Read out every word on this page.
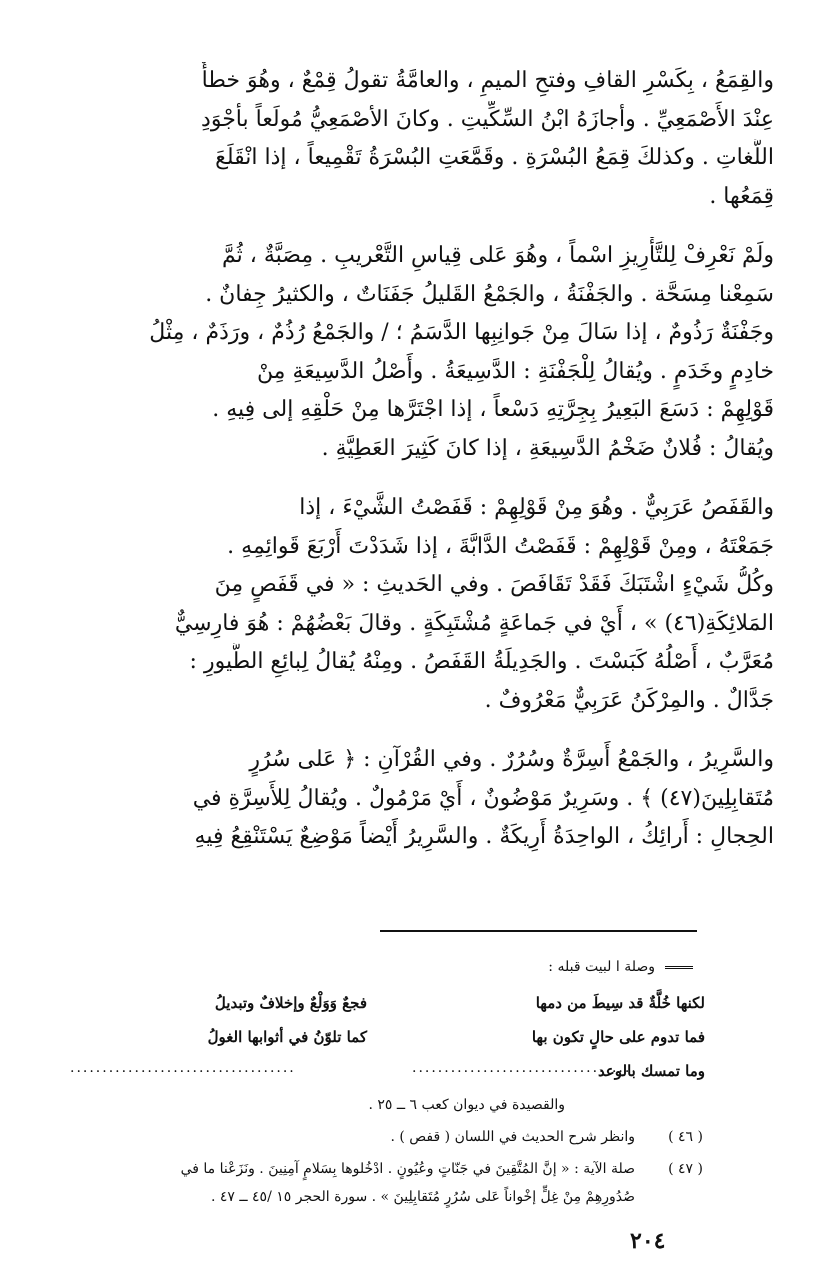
والقِمَعُ ، بِكَسْرِ القافِ وفتحِ الميمِ ، والعامَّةُ تقولُ قِمْعٌ ، وهُوَ خطأٌ
عِنْدَ الأَصْمَعِيِّ . وأجازَهُ ابْنُ السِّكِّيتِ . وكانَ الأصْمَعِيُّ مُولَعاً بأجْوَدِ
اللُّغاتِ . وكذلكَ قِمَعُ البُسْرَةِ . وقَمَّعَتِ البُسْرَةُ تَقْمِيعاً ، إذا انْقَلَعَ
قِمَعُها .

ولَمْ نَعْرِفْ لِلتَّأْرِيزِ اسْماً ، وهُوَ عَلى قِياسِ التَّعْريبِ . مِصَبَّةٌ ، ثُمَّ
سَمِعْنا مِسَحَّة . والجَفْنَةُ ، والجَمْعُ القَليلُ جَفَنَاتٌ ، والكثيرُ جِفانٌ .
وجَفْنَةٌ رَذُومٌ ، إذا سَالَ مِنْ جَوانِبِها الدَّسَمُ ؛ / والجَمْعُ رُذُمٌ ، ورَذَمٌ ، مِثْلُ
خادِمٍ وخَدَمٍ . ويُقالُ لِلْجَفْنَةِ : الدَّسِيعَةُ . وأَصْلُ الدَّسِيعَةِ مِنْ
قَوْلِهِمْ : دَسَعَ البَعِيرُ بِجِرَّتِهِ دَسْعاً ، إذا اجْتَرَّها مِنْ حَلْقِهِ إلى فِيهِ .
ويُقالُ : فُلانٌ ضَخْمُ الدَّسِيعَةِ ، إذا كانَ كَثِيرَ العَطِيَّةِ .

والقَفَصُ عَرَبِيٌّ . وهُوَ مِنْ قَوْلِهِمْ : قَفَصْتُ الشَّيْءَ ، إذا
جَمَعْتَهُ ، ومِنْ قَوْلِهِمْ : قَفَصْتُ الدَّابَّةَ ، إذا شَدَدْتَ أَرْبَعَ قَوائِمِهِ .
وكُلُّ شَيْءٍ اشْتَبَكَ فَقَدْ تَقَافَصَ . وفي الحَديثِ : « في قَفَصٍ مِنَ
المَلائِكَةِ(٤٦) » ، أَيْ في جَماعَةٍ مُشْتَبِكَةٍ . وقالَ بَعْضُهُمْ : هُوَ فارِسِيٌّ
مُعَرَّبٌ ، أَصْلُهُ كَبَسْتَ . والجَدِيلَةُ القَفَصُ . ومِنْهُ يُقالُ لِبائِعِ الطُّيورِ :
جَدَّالٌ . والمِرْكَنُ عَرَبِيٌّ مَعْرُوفٌ .

والسَّرِيرُ ، والجَمْعُ أَسِرَّةٌ وسُرُرٌ . وفي القُرْآنِ : ﴿ عَلى سُرُرٍ
مُتَقابِلِينَ(٤٧) ﴾ . وسَرِيرٌ مَوْضُونٌ ، أَيْ مَرْمُولٌ . ويُقالُ لِلأَسِرَّةِ في
الحِجالِ : أَرائِكُ ، الواحِدَةُ أَرِيكَةٌ . والسَّرِيرُ أَيْضاً مَوْضِعٌ يَسْتَنْقِعُ فِيهِ

وصلة ا لبيت قبله :
لكنها خُلَّةٌ قد سِيطَ من دمها
فجعٌ وَوَلْعٌ وإخلافٌ وتبديلُ
فما تدوم على حالٍ تكون بها
كما تلوّنُ في أثوابها الغولُ
وما تمسك بالوعد
...................................
...................................
والقصيدة في ديوان كعب ٦ ــ ٢٥ .
( ٤٦ )
وانظر شرح الحديث في اللسان ( قفص ) .
( ٤٧ )
صلة الآية : « إنَّ المُتَّقِينَ في جَنّاتٍ وعُيُونٍ . ادْخُلوها بِسَلامٍ آمِنِينَ . ونَزَعْنا ما في
صُدُورِهِمْ مِنْ غِلٍّ إخْواناً عَلى سُرُرٍ مُتَقابِلِينَ » . سورة الحجر ١٥ /٤٥ ــ ٤٧ .
٢٠٤
